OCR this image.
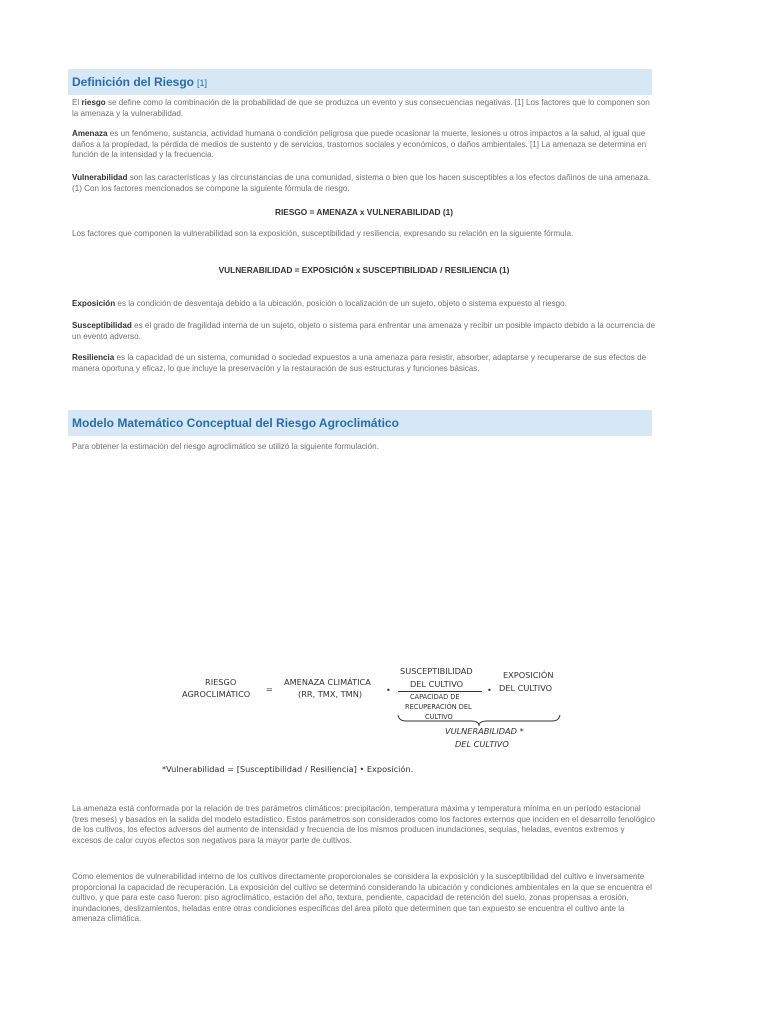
Definición del Riesgo [1]

El riesgo se define como la combinación de la probabilidad de que se produzca un evento y sus consecuencias negativas. [1] Los factores que lo componen son la amenaza y la vulnerabilidad.

Amenaza es un fenómeno, sustancia, actividad humana o condición peligrosa que puede ocasionar la muerte, lesiones u otros impactos a la salud, al igual que daños a la propiedad, la pérdida de medios de sustento y de servicios, trastornos sociales y económicos, o daños ambientales. [1] La amenaza se determina en función de la intensidad y la frecuencia.

Vulnerabilidad son las características y las circunstancias de una comunidad, sistema o bien que los hacen susceptibles a los efectos dañinos de una amenaza. (1) Con los factores mencionados se compone la siguiente fórmula de riesgo.

RIESGO = AMENAZA x VULNERABILIDAD (1)

Los factores que componen la vulnerabilidad son la exposición, susceptibilidad y resiliencia, expresando su relación en la siguiente fórmula.

VULNERABILIDAD = EXPOSICIÓN x SUSCEPTIBILIDAD / RESILIENCIA (1)

Exposición es la condición de desventaja debido a la ubicación, posición o localización de un sujeto, objeto o sistema expuesto al riesgo.

Susceptibilidad es el grado de fragilidad interna de un sujeto, objeto o sistema para enfrentar una amenaza y recibir un posible impacto debido a la ocurrencia de un evento adverso.

Resiliencia es la capacidad de un sistema, comunidad o sociedad expuestos a una amenaza para resistir, absorber, adaptarse y recuperarse de sus efectos de manera oportuna y eficaz, lo que incluye la preservación y la restauración de sus estructuras y funciones básicas.

Modelo Matemático Conceptual del Riesgo Agroclimático

Para obtener la estimación del riesgo agroclimático se utilizó la siguiente formulación.

RIESGO
AGROCLIMÁTICO =
AMENAZA CLIMÁTICA
(RR, TMX, TMN)	•
SUSCEPTIBILIDAD
DEL CULTIVO
CAPACIDAD DE
RECUPERACIÓN DEL
CULTIVO
•
EXPOSICIÓN
DEL CULTIVO
VULNERABILIDAD *
DEL CULTIVO
*Vulnerabilidad = [Susceptibilidad / Resiliencia] • Exposición.

La amenaza está conformada por la relación de tres parámetros climáticos: precipitación, temperatura máxima y temperatura mínima en un período estacional (tres meses) y basados en la salida del modelo estadístico. Estos parámetros son considerados como los factores externos que inciden en el desarrollo fenológico de los cultivos, los efectos adversos del aumento de intensidad y frecuencia de los mismos producen inundaciones, sequías, heladas, eventos extremos y excesos de calor cuyos efectos son negativos para la mayor parte de cultivos.

Como elementos de vulnerabilidad interno de los cultivos directamente proporcionales se considera la exposición y la susceptibilidad del cultivo e inversamente proporcional la capacidad de recuperación. La exposición del cultivo se determinó considerando la ubicación y condiciones ambientales en la que se encuentra el cultivo, y que para este caso fueron: piso agroclimático, estación del año, textura, pendiente, capacidad de retención del suelo, zonas propensas a erosión, inundaciones, deslizamientos, heladas entre otras condiciones específicas del área piloto que determinen que tan expuesto se encuentra el cultivo ante la amenaza climática.
